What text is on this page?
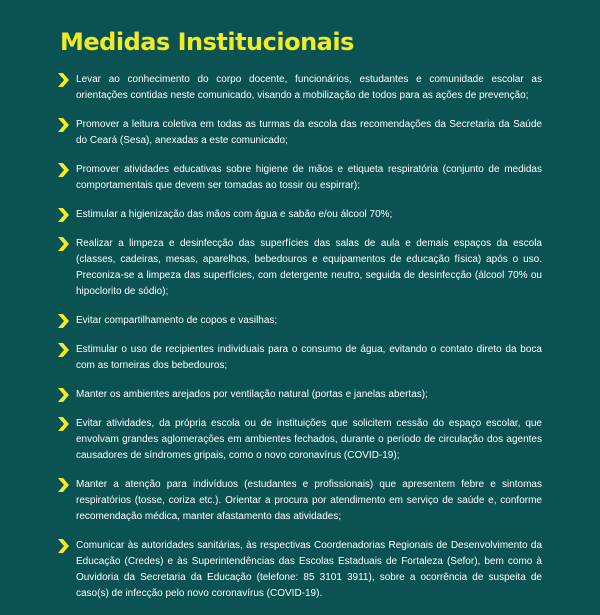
Medidas Institucionais
Levar ao conhecimento do corpo docente, funcionários, estudantes e comunidade escolar as orientações contidas neste comunicado, visando a mobilização de todos para as ações de prevenção;
Promover a leitura coletiva em todas as turmas da escola das recomendações da Secretaria da Saúde do Ceará (Sesa), anexadas a este comunicado;
Promover atividades educativas sobre higiene de mãos e etiqueta respiratória (conjunto de medidas comportamentais que devem ser tomadas ao tossir ou espirrar);
Estimular a higienização das mãos com água e sabão e/ou álcool 70%;
Realizar a limpeza e desinfecção das superfícies das salas de aula e demais espaços da escola (classes, cadeiras, mesas, aparelhos, bebedouros e equipamentos de educação física) após o uso. Preconiza-se a limpeza das superfícies, com detergente neutro, seguida de desinfecção (álcool 70% ou hipoclorito de sódio);
Evitar compartilhamento de copos e vasilhas;
Estimular o uso de recipientes individuais para o consumo de água, evitando o contato direto da boca com as torneiras dos bebedouros;
Manter os ambientes arejados por ventilação natural (portas e janelas abertas);
Evitar atividades, da própria escola ou de instituições que solicitem cessão do espaço escolar, que envolvam grandes aglomerações em ambientes fechados, durante o período de circulação dos agentes causadores de síndromes gripais, como o novo coronavírus (COVID-19);
Manter a atenção para indivíduos (estudantes e profissionais) que apresentem febre e sintomas respiratórios (tosse, coriza etc.). Orientar a procura por atendimento em serviço de saúde e, conforme recomendação médica, manter afastamento das atividades;
Comunicar às autoridades sanitárias, às respectivas Coordenadorias Regionais de Desenvolvimento da Educação (Credes) e às Superintendências das Escolas Estaduais de Fortaleza (Sefor), bem como à Ouvidoria da Secretaria da Educação (telefone: 85 3101 3911), sobre a ocorrência de suspeita de caso(s) de infecção pelo novo coronavírus (COVID-19).
